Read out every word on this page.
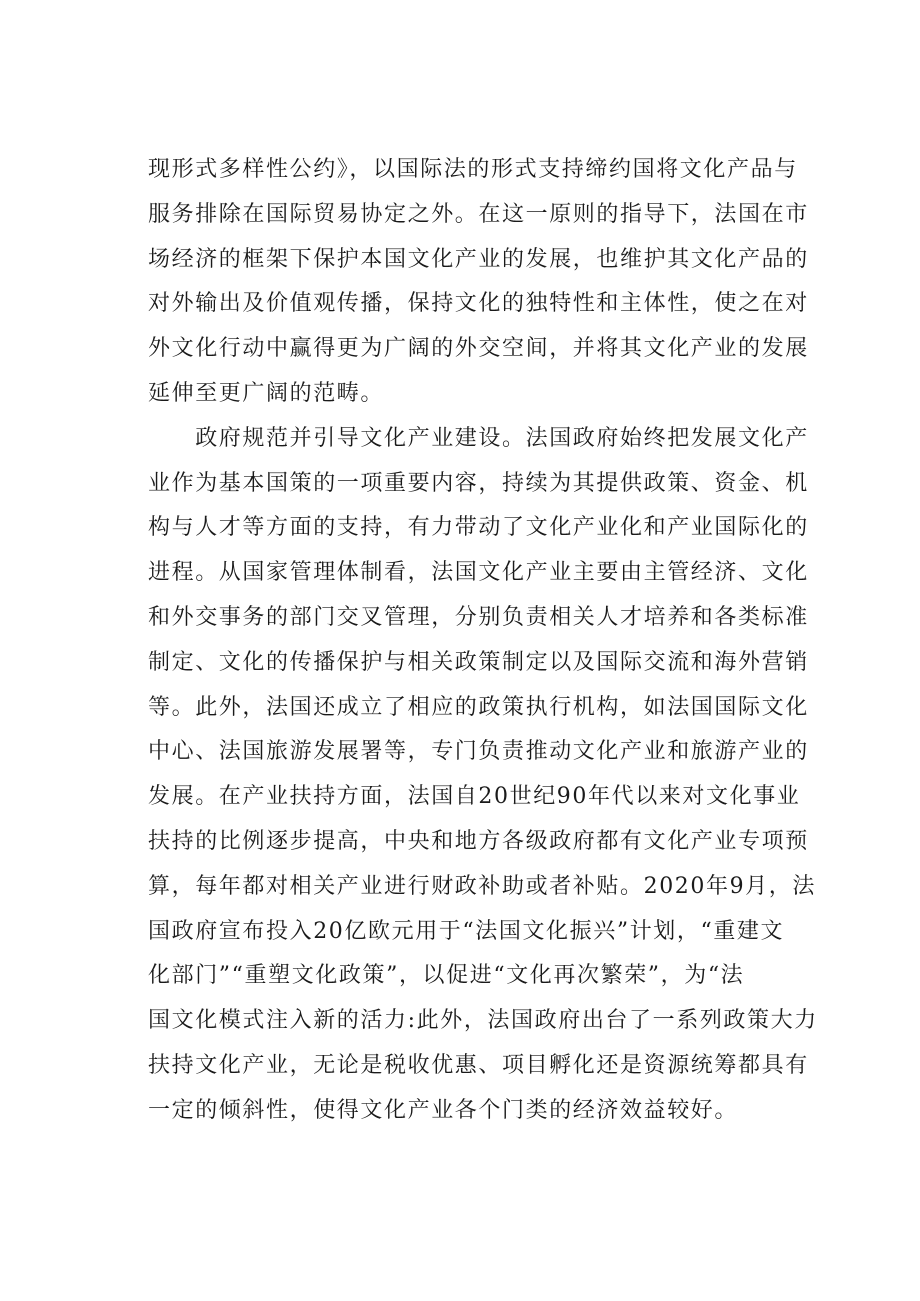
现形式多样性公约》，以国际法的形式支持缔约国将文化产品与
服务排除在国际贸易协定之外。在这一原则的指导下，法国在市
场经济的框架下保护本国文化产业的发展，也维护其文化产品的
对外输出及价值观传播，保持文化的独特性和主体性，使之在对
外文化行动中赢得更为广阔的外交空间，并将其文化产业的发展
延伸至更广阔的范畴。
　　政府规范并引导文化产业建设。法国政府始终把发展文化产
业作为基本国策的一项重要内容，持续为其提供政策、资金、机
构与人才等方面的支持，有力带动了文化产业化和产业国际化的
进程。从国家管理体制看，法国文化产业主要由主管经济、文化
和外交事务的部门交叉管理，分别负责相关人才培养和各类标准
制定、文化的传播保护与相关政策制定以及国际交流和海外营销
等。此外，法国还成立了相应的政策执行机构，如法国国际文化
中心、法国旅游发展署等，专门负责推动文化产业和旅游产业的
发展。在产业扶持方面，法国自20世纪90年代以来对文化事业
扶持的比例逐步提高，中央和地方各级政府都有文化产业专项预
算，每年都对相关产业进行财政补助或者补贴。2020年9月，法
国政府宣布投入20亿欧元用于“法国文化振兴”计划，“重建文
化部门”“重塑文化政策”，以促进“文化再次繁荣”，为“法
国文化模式注入新的活力:此外，法国政府出台了一系列政策大力
扶持文化产业，无论是税收优惠、项目孵化还是资源统筹都具有
一定的倾斜性，使得文化产业各个门类的经济效益较好。
